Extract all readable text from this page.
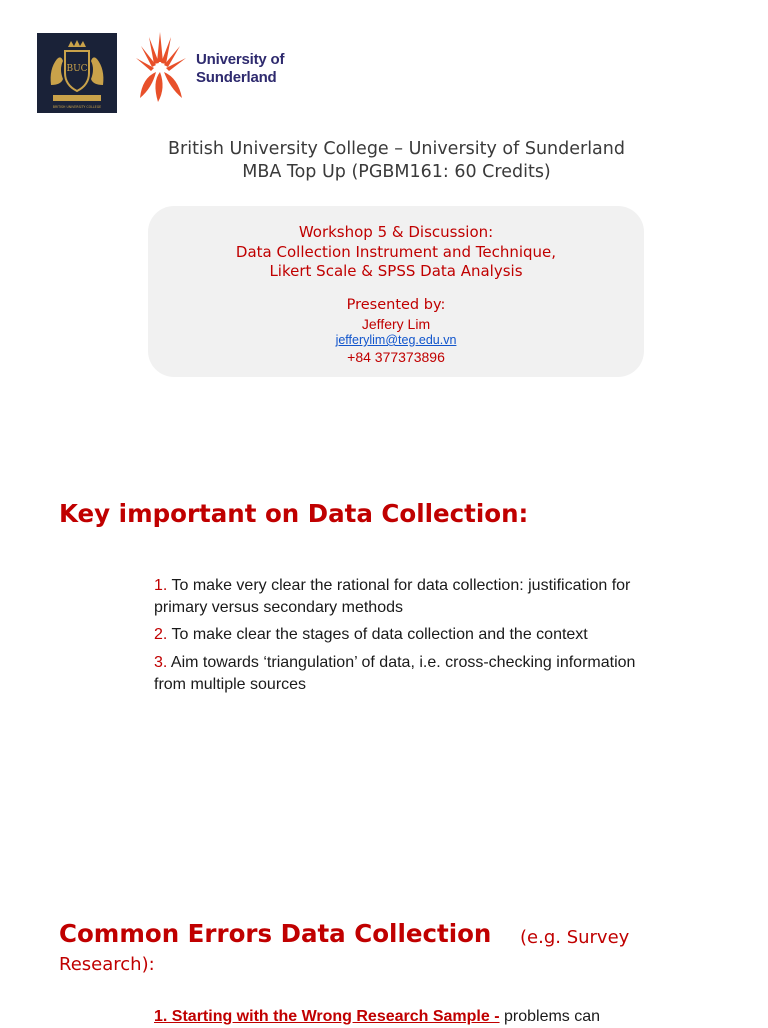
BUC
BRITISH UNIVERSITY COLLEGE
University of
Sunderland
British University College – University of Sunderland
MBA Top Up (PGBM161: 60 Credits)
Workshop 5 & Discussion:
Data Collection Instrument and Technique,
Likert Scale & SPSS Data Analysis
Presented by:
Jeffery Lim
jefferylim@teg.edu.vn
+84 377373896
Key important on Data Collection:
1. To make very clear the rational for data collection: justification for primary versus secondary methods
2. To make clear the stages of data collection and the context
3. Aim towards ‘triangulation’ of data, i.e. cross-checking information from multiple sources
Common Errors Data Collection (e.g. Survey
Research):
1. Starting with the Wrong Research Sample - problems can
